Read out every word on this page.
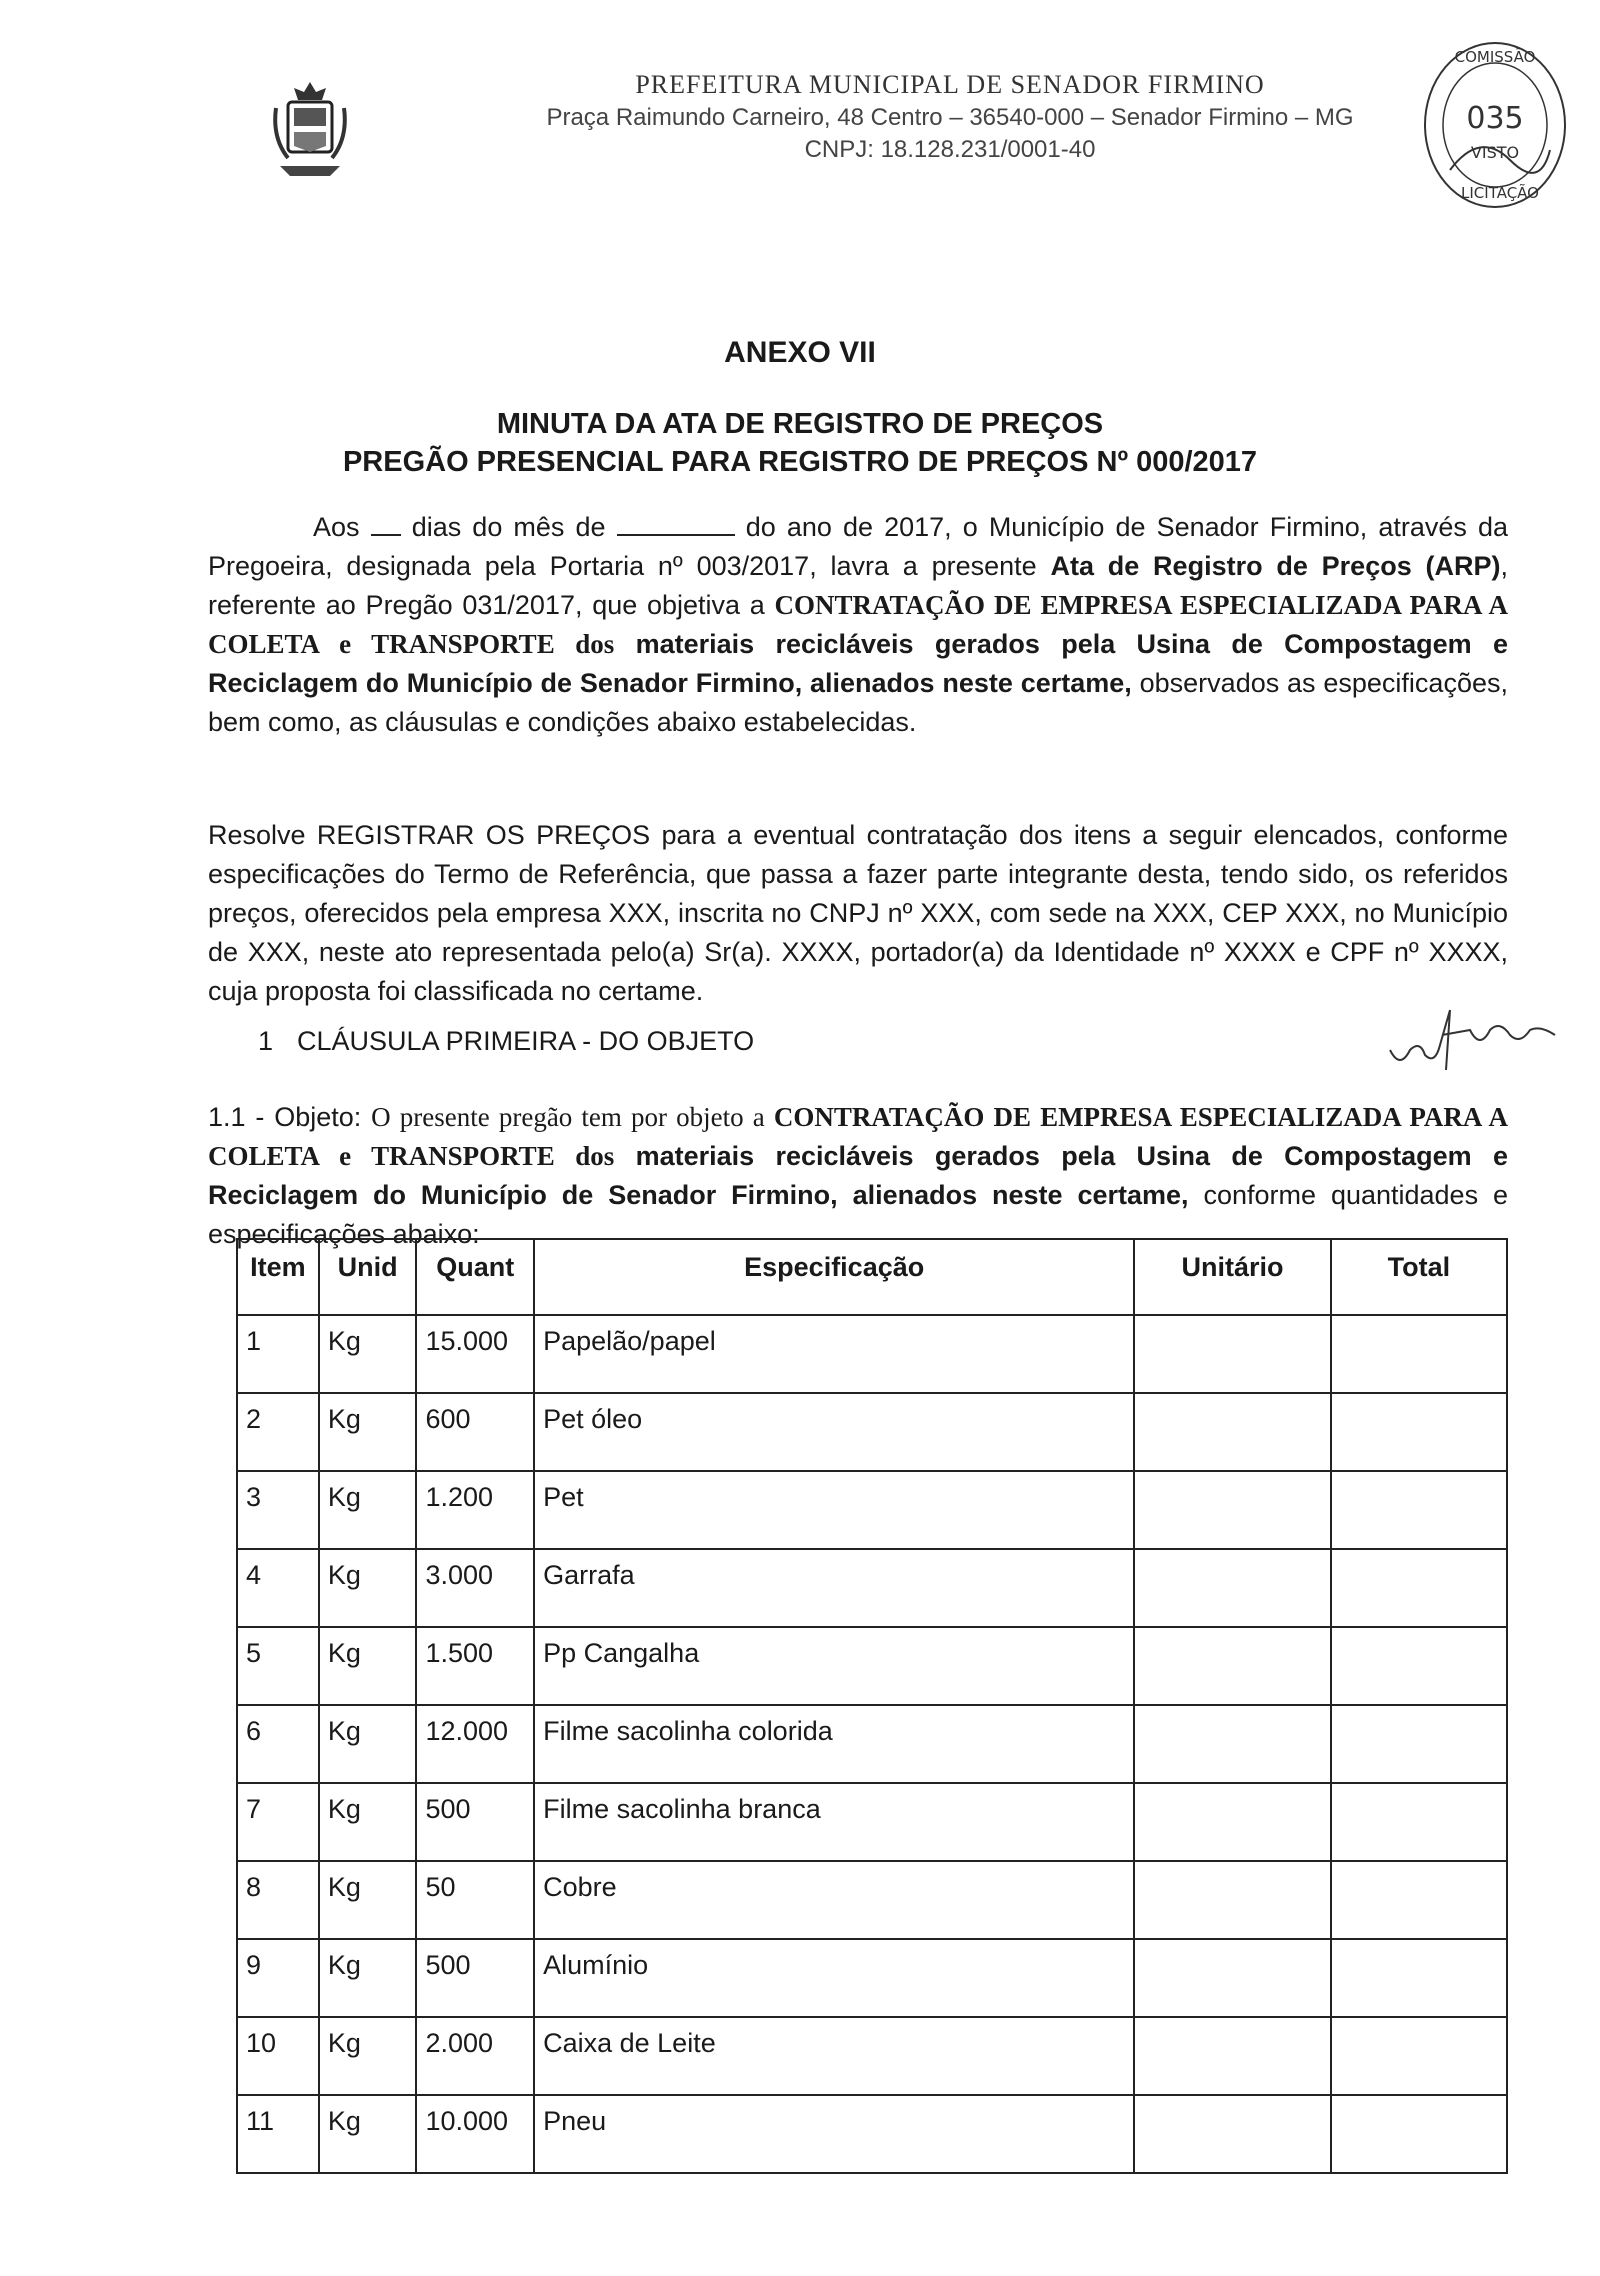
PREFEITURA MUNICIPAL DE SENADOR FIRMINO
Praça Raimundo Carneiro, 48 Centro – 36540-000 – Senador Firmino – MG
CNPJ: 18.128.231/0001-40
COMISSÃO
035
VISTO
LICITAÇÃO
ANEXO VII
MINUTA DA ATA DE REGISTRO DE PREÇOS
PREGÃO PRESENCIAL PARA REGISTRO DE PREÇOS Nº 000/2017
Aos  dias do mês de	do ano de 2017, o Município de Senador Firmino, através da Pregoeira, designada pela Portaria nº 003/2017, lavra a presente Ata de Registro de Preços (ARP), referente ao Pregão 031/2017, que objetiva a CONTRATAÇÃO DE EMPRESA ESPECIALIZADA PARA A COLETA e TRANSPORTE dos materiais recicláveis gerados pela Usina de Compostagem e Reciclagem do Município de Senador Firmino, alienados neste certame, observados as especificações, bem como, as cláusulas e condições abaixo estabelecidas.
Resolve REGISTRAR OS PREÇOS para a eventual contratação dos itens a seguir elencados, conforme especificações do Termo de Referência, que passa a fazer parte integrante desta, tendo sido, os referidos preços, oferecidos pela empresa XXX, inscrita no CNPJ nº XXX, com sede na XXX, CEP XXX, no Município de XXX, neste ato representada pelo(a) Sr(a). XXXX, portador(a) da Identidade nº XXXX e CPF nº XXXX, cuja proposta foi classificada no certame.
1 CLÁUSULA PRIMEIRA - DO OBJETO
1.1 - Objeto: O presente pregão tem por objeto a CONTRATAÇÃO DE EMPRESA ESPECIALIZADA PARA A COLETA e TRANSPORTE dos materiais recicláveis gerados pela Usina de Compostagem e Reciclagem do Município de Senador Firmino, alienados neste certame, conforme quantidades e especificações abaixo:
Item	Unid	Quant	Especificação	Unitário	Total
1	Kg	15.000	Papelão/papel		
2	Kg	600	Pet óleo		
3	Kg	1.200	Pet		
4	Kg	3.000	Garrafa		
5	Kg	1.500	Pp Cangalha		
6	Kg	12.000	Filme sacolinha colorida		
7	Kg	500	Filme sacolinha branca		
8	Kg	50	Cobre		
9	Kg	500	Alumínio		
10	Kg	2.000	Caixa de Leite		
11	Kg	10.000	Pneu		
